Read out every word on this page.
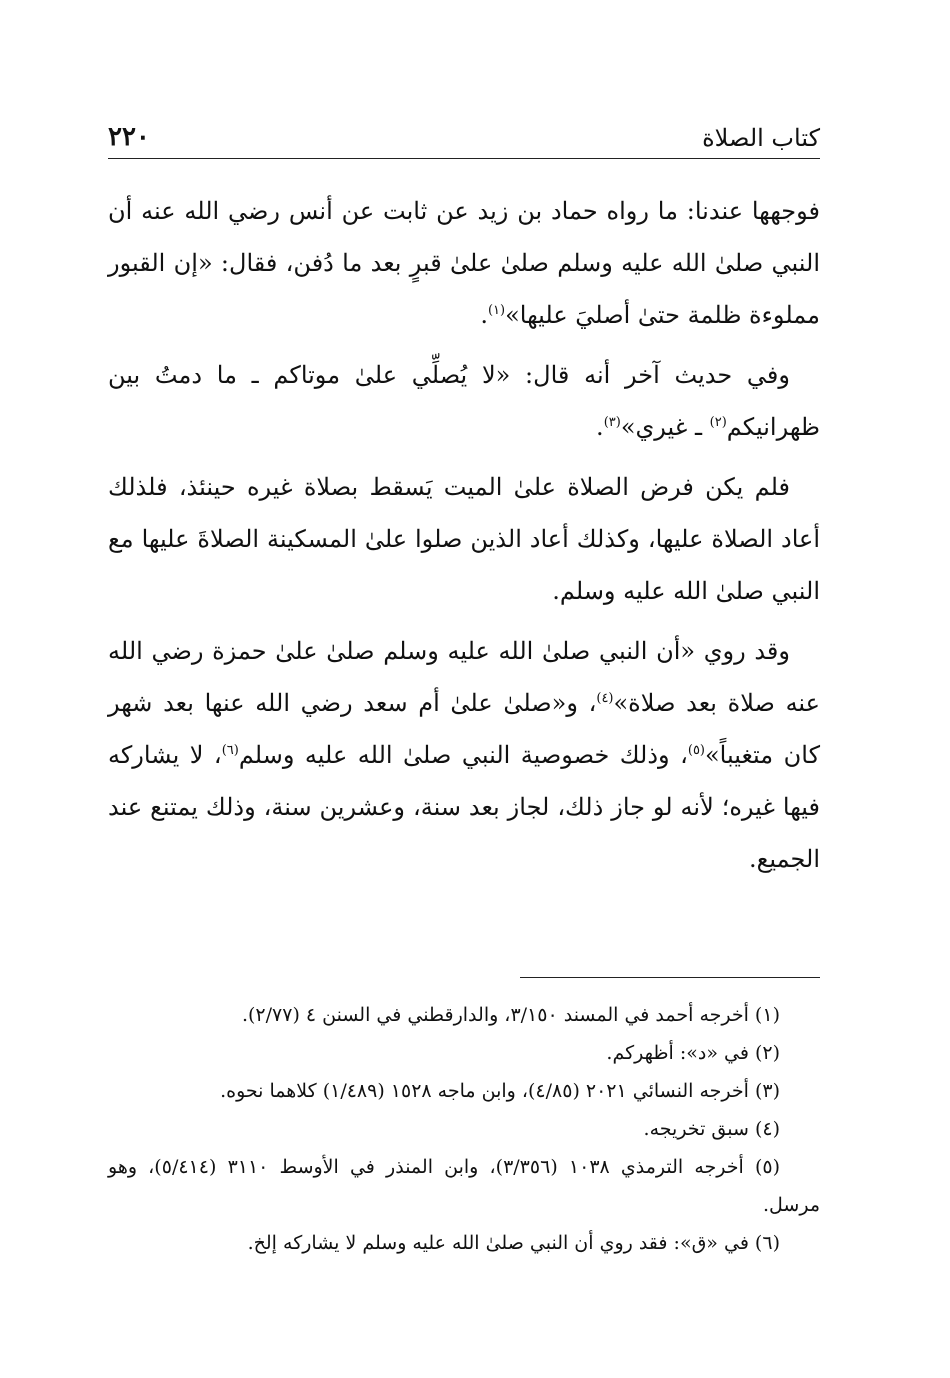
كتاب الصلاة
٢٢٠

فوجهها عندنا: ما رواه حماد بن زيد عن ثابت عن أنس رضي الله عنه أن النبي صلىٰ الله عليه وسلم صلىٰ علىٰ قبرٍ بعد ما دُفن، فقال: «إن القبور مملوءة ظلمة حتىٰ أصليَ عليها»$^{(١)}$.

وفي حديث آخر أنه قال: «لا يُصلِّي علىٰ موتاكم ـ ما دمتُ بين ظهرانيكم$^{(٢)}$ ـ غيري»$^{(٣)}$.

فلم يكن فرض الصلاة علىٰ الميت يَسقط بصلاة غيره حينئذ، فلذلك أعاد الصلاة عليها، وكذلك أعاد الذين صلوا علىٰ المسكينة الصلاةَ عليها مع النبي صلىٰ الله عليه وسلم.

وقد روي «أن النبي صلىٰ الله عليه وسلم صلىٰ علىٰ حمزة رضي الله عنه صلاة بعد صلاة»$^{(٤)}$، و«صلىٰ علىٰ أم سعد رضي الله عنها بعد شهر كان متغيباً»$^{(٥)}$، وذلك خصوصية النبي صلىٰ الله عليه وسلم$^{(٦)}$، لا يشاركه فيها غيره؛ لأنه لو جاز ذلك، لجاز بعد سنة، وعشرين سنة، وذلك يمتنع عند الجميع.

(١) أخرجه أحمد في المسند ٣/١٥٠، والدارقطني في السنن ٤ (٢/٧٧).

(٢) في «د»: أظهركم.

(٣) أخرجه النسائي ٢٠٢١ (٤/٨٥)، وابن ماجه ١٥٢٨ (١/٤٨٩) كلاهما نحوه.

(٤) سبق تخريجه.

(٥) أخرجه الترمذي ١٠٣٨ (٣/٣٥٦)، وابن المنذر في الأوسط ٣١١٠ (٥/٤١٤)، وهو مرسل.

(٦) في «ق»: فقد روي أن النبي صلىٰ الله عليه وسلم لا يشاركه إلخ.
